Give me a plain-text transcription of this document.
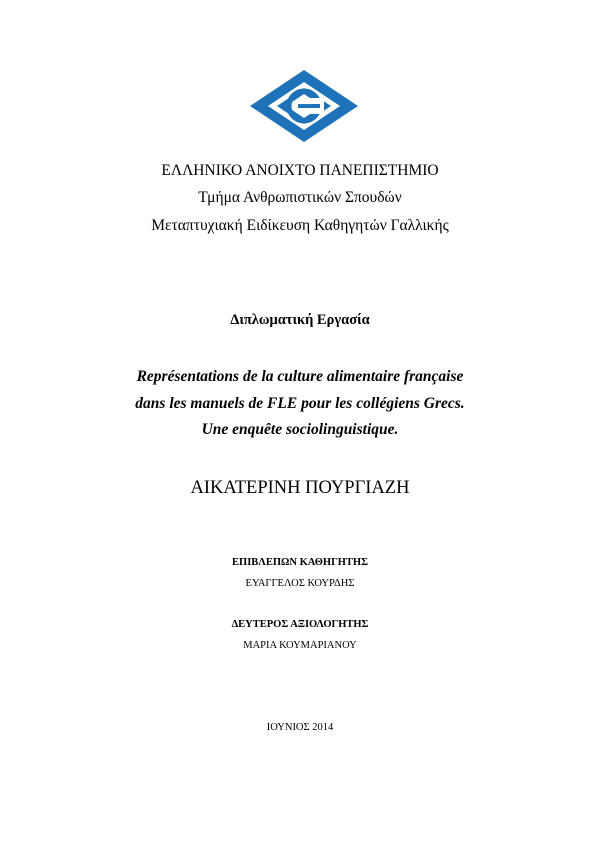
ΕΛΛΗΝΙΚΟ ΑΝΟΙΧΤΟ ΠΑΝΕΠΙΣΤΗΜΙΟ
Τμήμα Ανθρωπιστικών Σπουδών
Μεταπτυχιακή Ειδίκευση Καθηγητών Γαλλικής
Διπλωματική Εργασία
Représentations de la culture alimentaire française
dans les manuels de FLE pour les collégiens Grecs.
Une enquête sociolinguistique.
ΑΙΚΑΤΕΡΙΝΗ ΠΟΥΡΓΙΑΖΗ
ΕΠΙΒΛΕΠΩΝ ΚΑΘΗΓΗΤΗΣ
ΕΥΑΓΓΕΛΟΣ ΚΟΥΡΔΗΣ
ΔΕΥΤΕΡΟΣ ΑΞΙΟΛΟΓΗΤΗΣ
ΜΑΡΙΑ ΚΟΥΜΑΡΙΑΝΟΥ
ΙΟΥΝΙΟΣ 2014
